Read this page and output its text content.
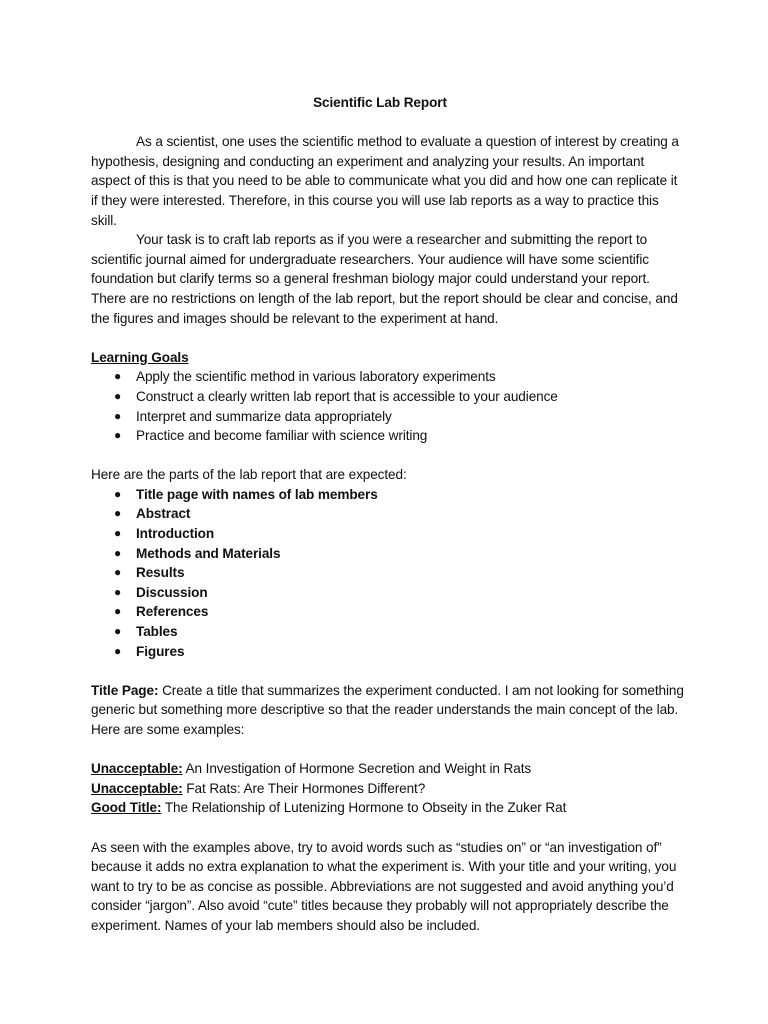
Scientific Lab Report

As a scientist, one uses the scientific method to evaluate a question of interest by creating a hypothesis, designing and conducting an experiment and analyzing your results. An important aspect of this is that you need to be able to communicate what you did and how one can replicate it if they were interested. Therefore, in this course you will use lab reports as a way to practice this skill.

Your task is to craft lab reports as if you were a researcher and submitting the report to scientific journal aimed for undergraduate researchers. Your audience will have some scientific foundation but clarify terms so a general freshman biology major could understand your report. There are no restrictions on length of the lab report, but the report should be clear and concise, and the figures and images should be relevant to the experiment at hand.

Learning Goals
● Apply the scientific method in various laboratory experiments
● Construct a clearly written lab report that is accessible to your audience
● Interpret and summarize data appropriately
● Practice and become familiar with science writing
Here are the parts of the lab report that are expected:
● Title page with names of lab members
● Abstract
● Introduction
● Methods and Materials
● Results
● Discussion
● References
● Tables
● Figures

Title Page: Create a title that summarizes the experiment conducted. I am not looking for something generic but something more descriptive so that the reader understands the main concept of the lab. Here are some examples:

Unacceptable: An Investigation of Hormone Secretion and Weight in Rats
Unacceptable: Fat Rats: Are Their Hormones Different?
Good Title: The Relationship of Lutenizing Hormone to Obseity in the Zuker Rat

As seen with the examples above, try to avoid words such as “studies on” or “an investigation of” because it adds no extra explanation to what the experiment is. With your title and your writing, you want to try to be as concise as possible. Abbreviations are not suggested and avoid anything you’d consider “jargon”. Also avoid “cute” titles because they probably will not appropriately describe the experiment. Names of your lab members should also be included.
